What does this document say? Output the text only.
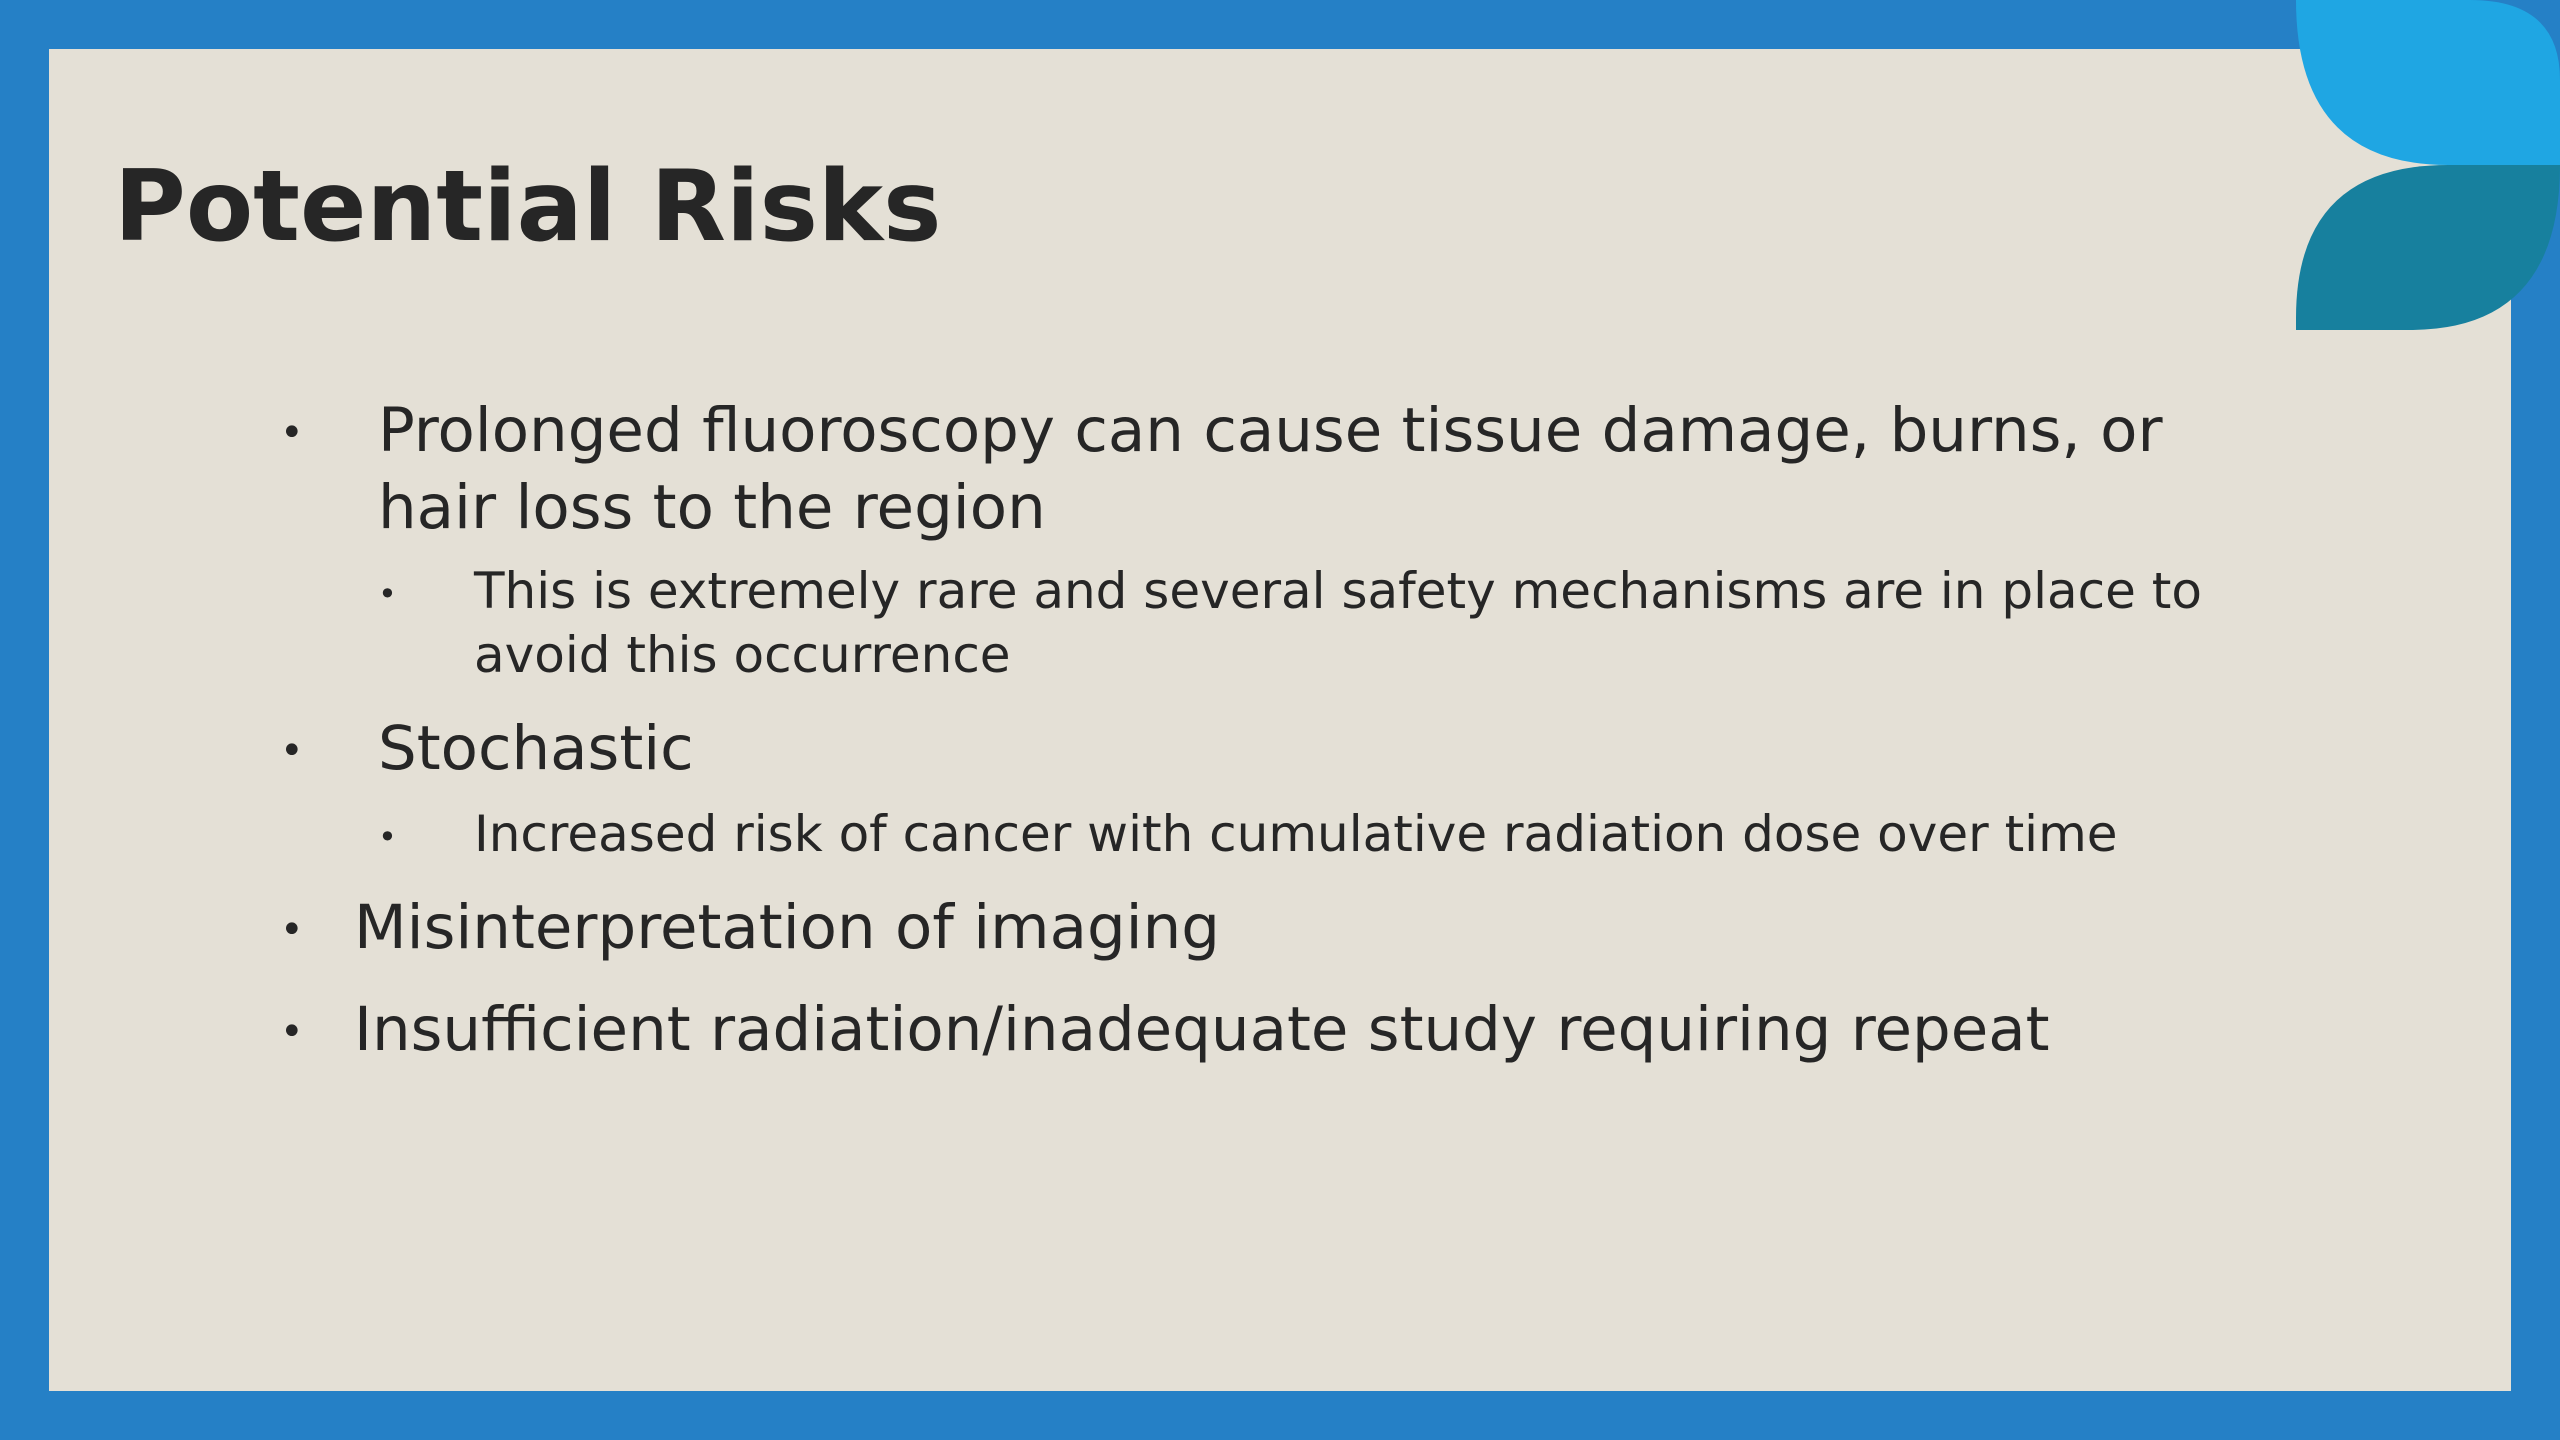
Potential Risks
• Prolonged fluoroscopy can cause tissue damage, burns, or
hair loss to the region
• This is extremely rare and several safety mechanisms are in place to
avoid this occurrence
• Stochastic
• Increased risk of cancer with cumulative radiation dose over time
• Misinterpretation of imaging
• Insufficient radiation/inadequate study requiring repeat
